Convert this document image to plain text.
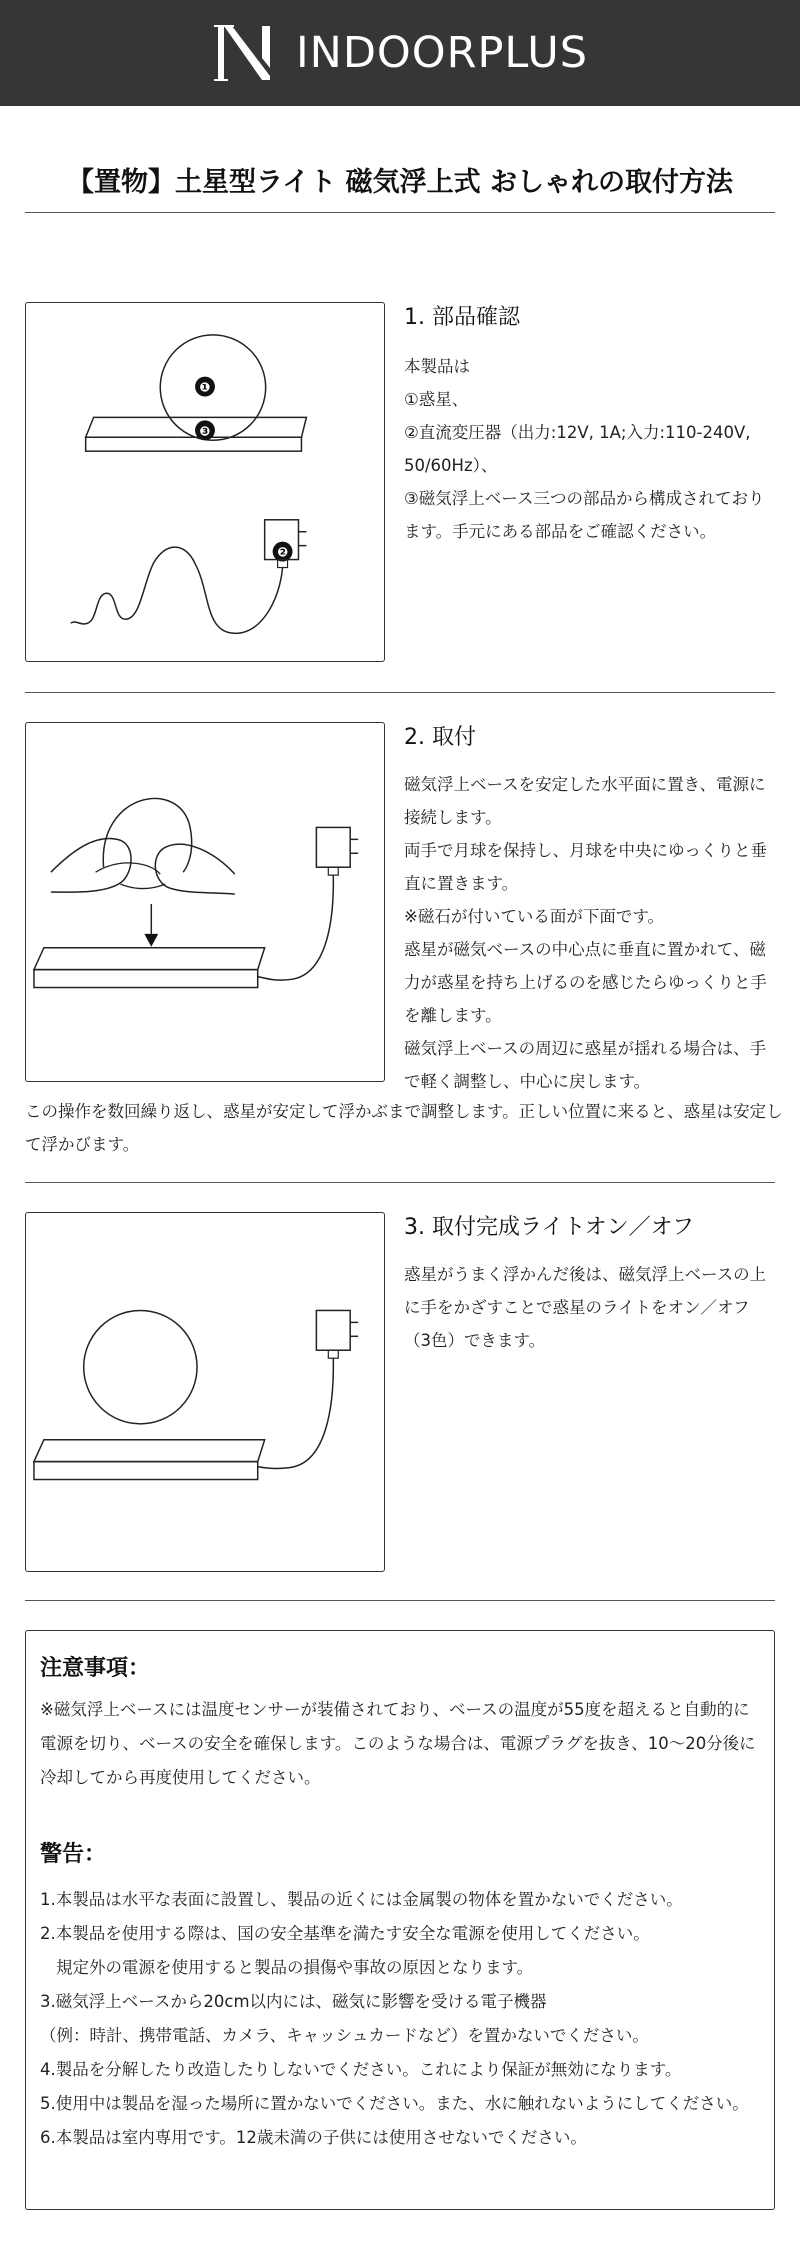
INDOORPLUS
【置物】土星型ライト 磁気浮上式 おしゃれの取付方法
❶
❸
❷
1. 部品確認

本製品は

①惑星、

②直流変圧器（出力:12V, 1A;入力:110-240V, 50/60Hz）、

③磁気浮上ベース三つの部品から構成されております。手元にある部品をご確認ください。

2. 取付

磁気浮上ベースを安定した水平面に置き、電源に接続します。

両手で月球を保持し、月球を中央にゆっくりと垂直に置きます。

※磁石が付いている面が下面です。

惑星が磁気ベースの中心点に垂直に置かれて、磁力が惑星を持ち上げるのを感じたらゆっくりと手を離します。

磁気浮上ベースの周辺に惑星が揺れる場合は、手で軽く調整し、中心に戻します。

この操作を数回繰り返し、惑星が安定して浮かぶまで調整します。正しい位置に来ると、惑星は安定して浮かびます。
3. 取付完成ライトオン／オフ

惑星がうまく浮かんだ後は、磁気浮上ベースの上に手をかざすことで惑星のライトをオン／オフ（3色）できます。

注意事項：
※磁気浮上ベースには温度センサーが装備されており、ベースの温度が55度を超えると自動的に電源を切り、ベースの安全を確保します。このような場合は、電源プラグを抜き、10〜20分後に冷却してから再度使用してください。
警告：
1.本製品は水平な表面に設置し、製品の近くには金属製の物体を置かないでください。
2.本製品を使用する際は、国の安全基準を満たす安全な電源を使用してください。
規定外の電源を使用すると製品の損傷や事故の原因となります。
3.磁気浮上ベースから20cm以内には、磁気に影響を受ける電子機器
（例：時計、携帯電話、カメラ、キャッシュカードなど）を置かないでください。
4.製品を分解したり改造したりしないでください。これにより保証が無効になります。
5.使用中は製品を湿った場所に置かないでください。また、水に触れないようにしてください。
6.本製品は室内専用です。12歳未満の子供には使用させないでください。
